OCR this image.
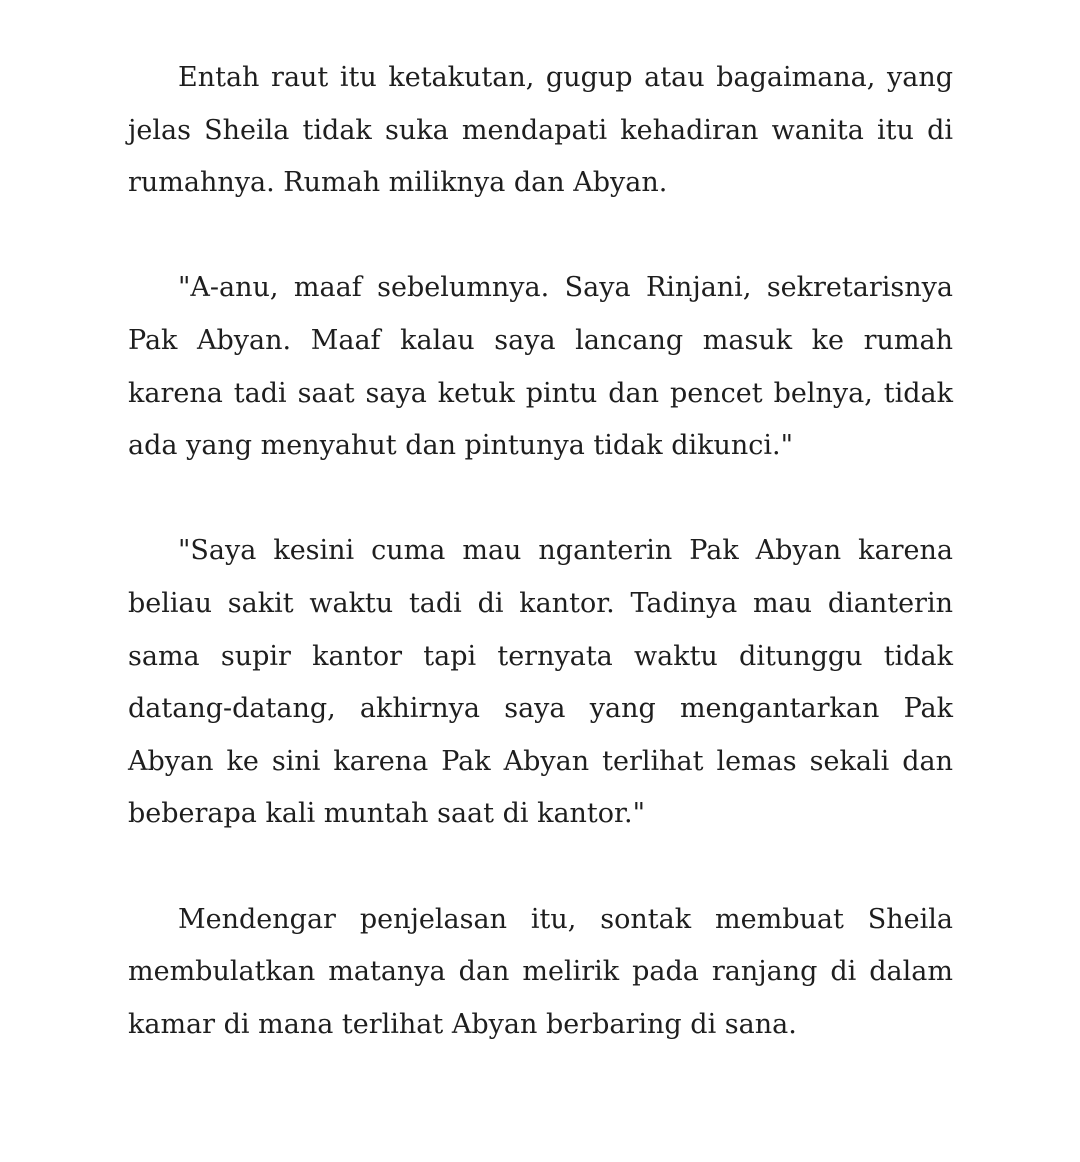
Entah raut itu ketakutan, gugup atau bagaimana, yang jelas Sheila tidak suka mendapati kehadiran wanita itu di rumahnya. Rumah miliknya dan Abyan.

"A-anu, maaf sebelumnya. Saya Rinjani, sekretarisnya Pak Abyan. Maaf kalau saya lancang masuk ke rumah karena tadi saat saya ketuk pintu dan pencet belnya, tidak ada yang menyahut dan pintunya tidak dikunci."

"Saya kesini cuma mau nganterin Pak Abyan karena beliau sakit waktu tadi di kantor. Tadinya mau dianterin sama supir kantor tapi ternyata waktu ditunggu tidak datang-datang, akhirnya saya yang mengantarkan Pak Abyan ke sini karena Pak Abyan terlihat lemas sekali dan beberapa kali muntah saat di kantor."

Mendengar penjelasan itu, sontak membuat Sheila membulatkan matanya dan melirik pada ranjang di dalam kamar di mana terlihat Abyan berbaring di sana.
